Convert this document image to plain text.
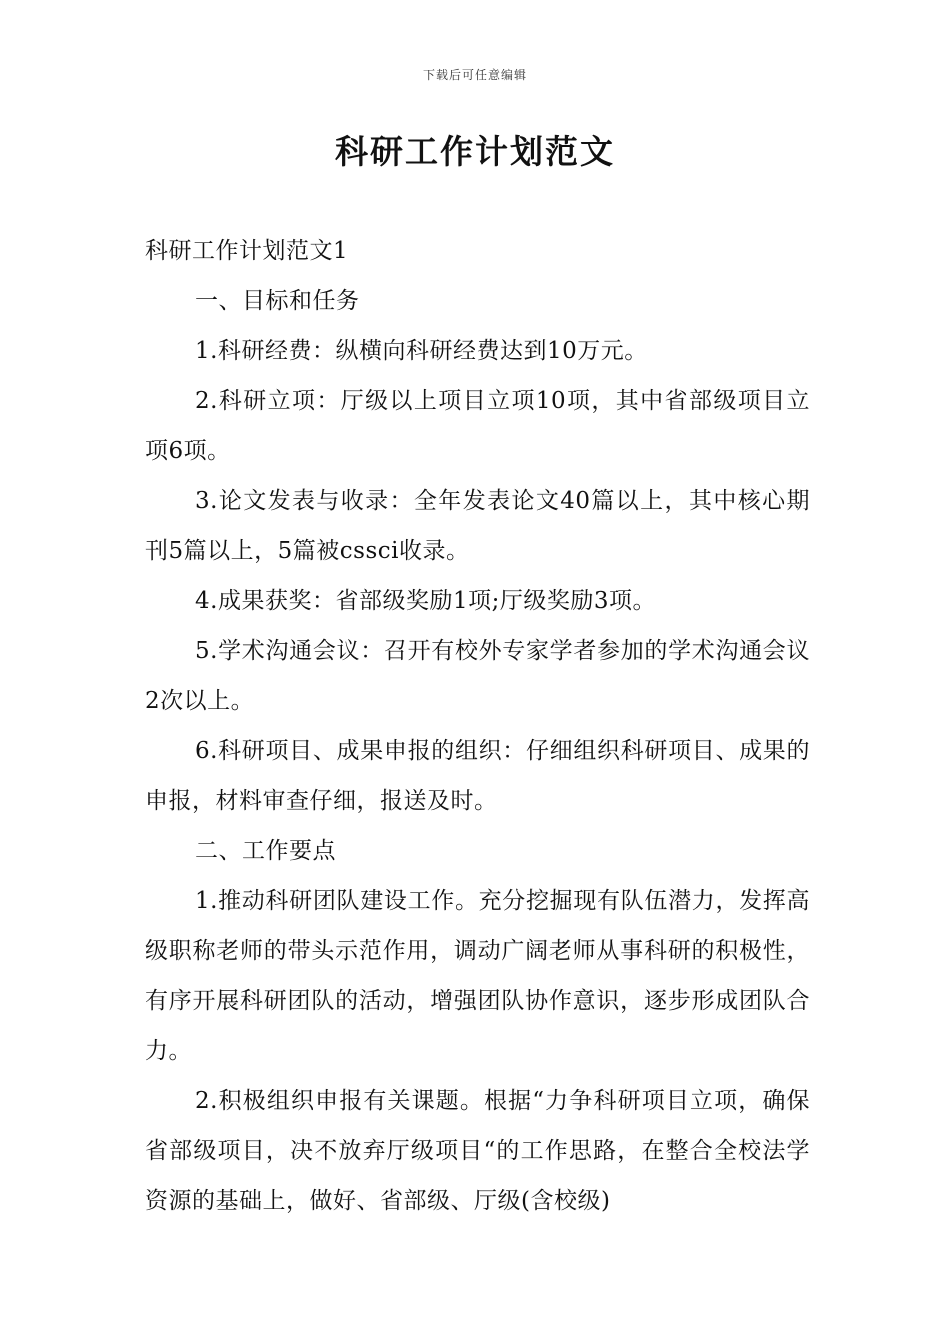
下载后可任意编辑
科研工作计划范文

科研工作计划范文1

一、目标和任务

1.科研经费：纵横向科研经费达到10万元。

2.科研立项：厅级以上项目立项10项，其中省部级项目立项6项。

3.论文发表与收录：全年发表论文40篇以上，其中核心期刊5篇以上，5篇被cssci收录。

4.成果获奖：省部级奖励1项;厅级奖励3项。

5.学术沟通会议：召开有校外专家学者参加的学术沟通会议2次以上。

6.科研项目、成果申报的组织：仔细组织科研项目、成果的申报，材料审查仔细，报送及时。

二、工作要点

1.推动科研团队建设工作。充分挖掘现有队伍潜力，发挥高级职称老师的带头示范作用，调动广阔老师从事科研的积极性，有序开展科研团队的活动，增强团队协作意识，逐步形成团队合力。

2.积极组织申报有关课题。根据“力争科研项目立项，确保省部级项目，决不放弃厅级项目“的工作思路，在整合全校法学资源的基础上，做好、省部级、厅级(含校级)
